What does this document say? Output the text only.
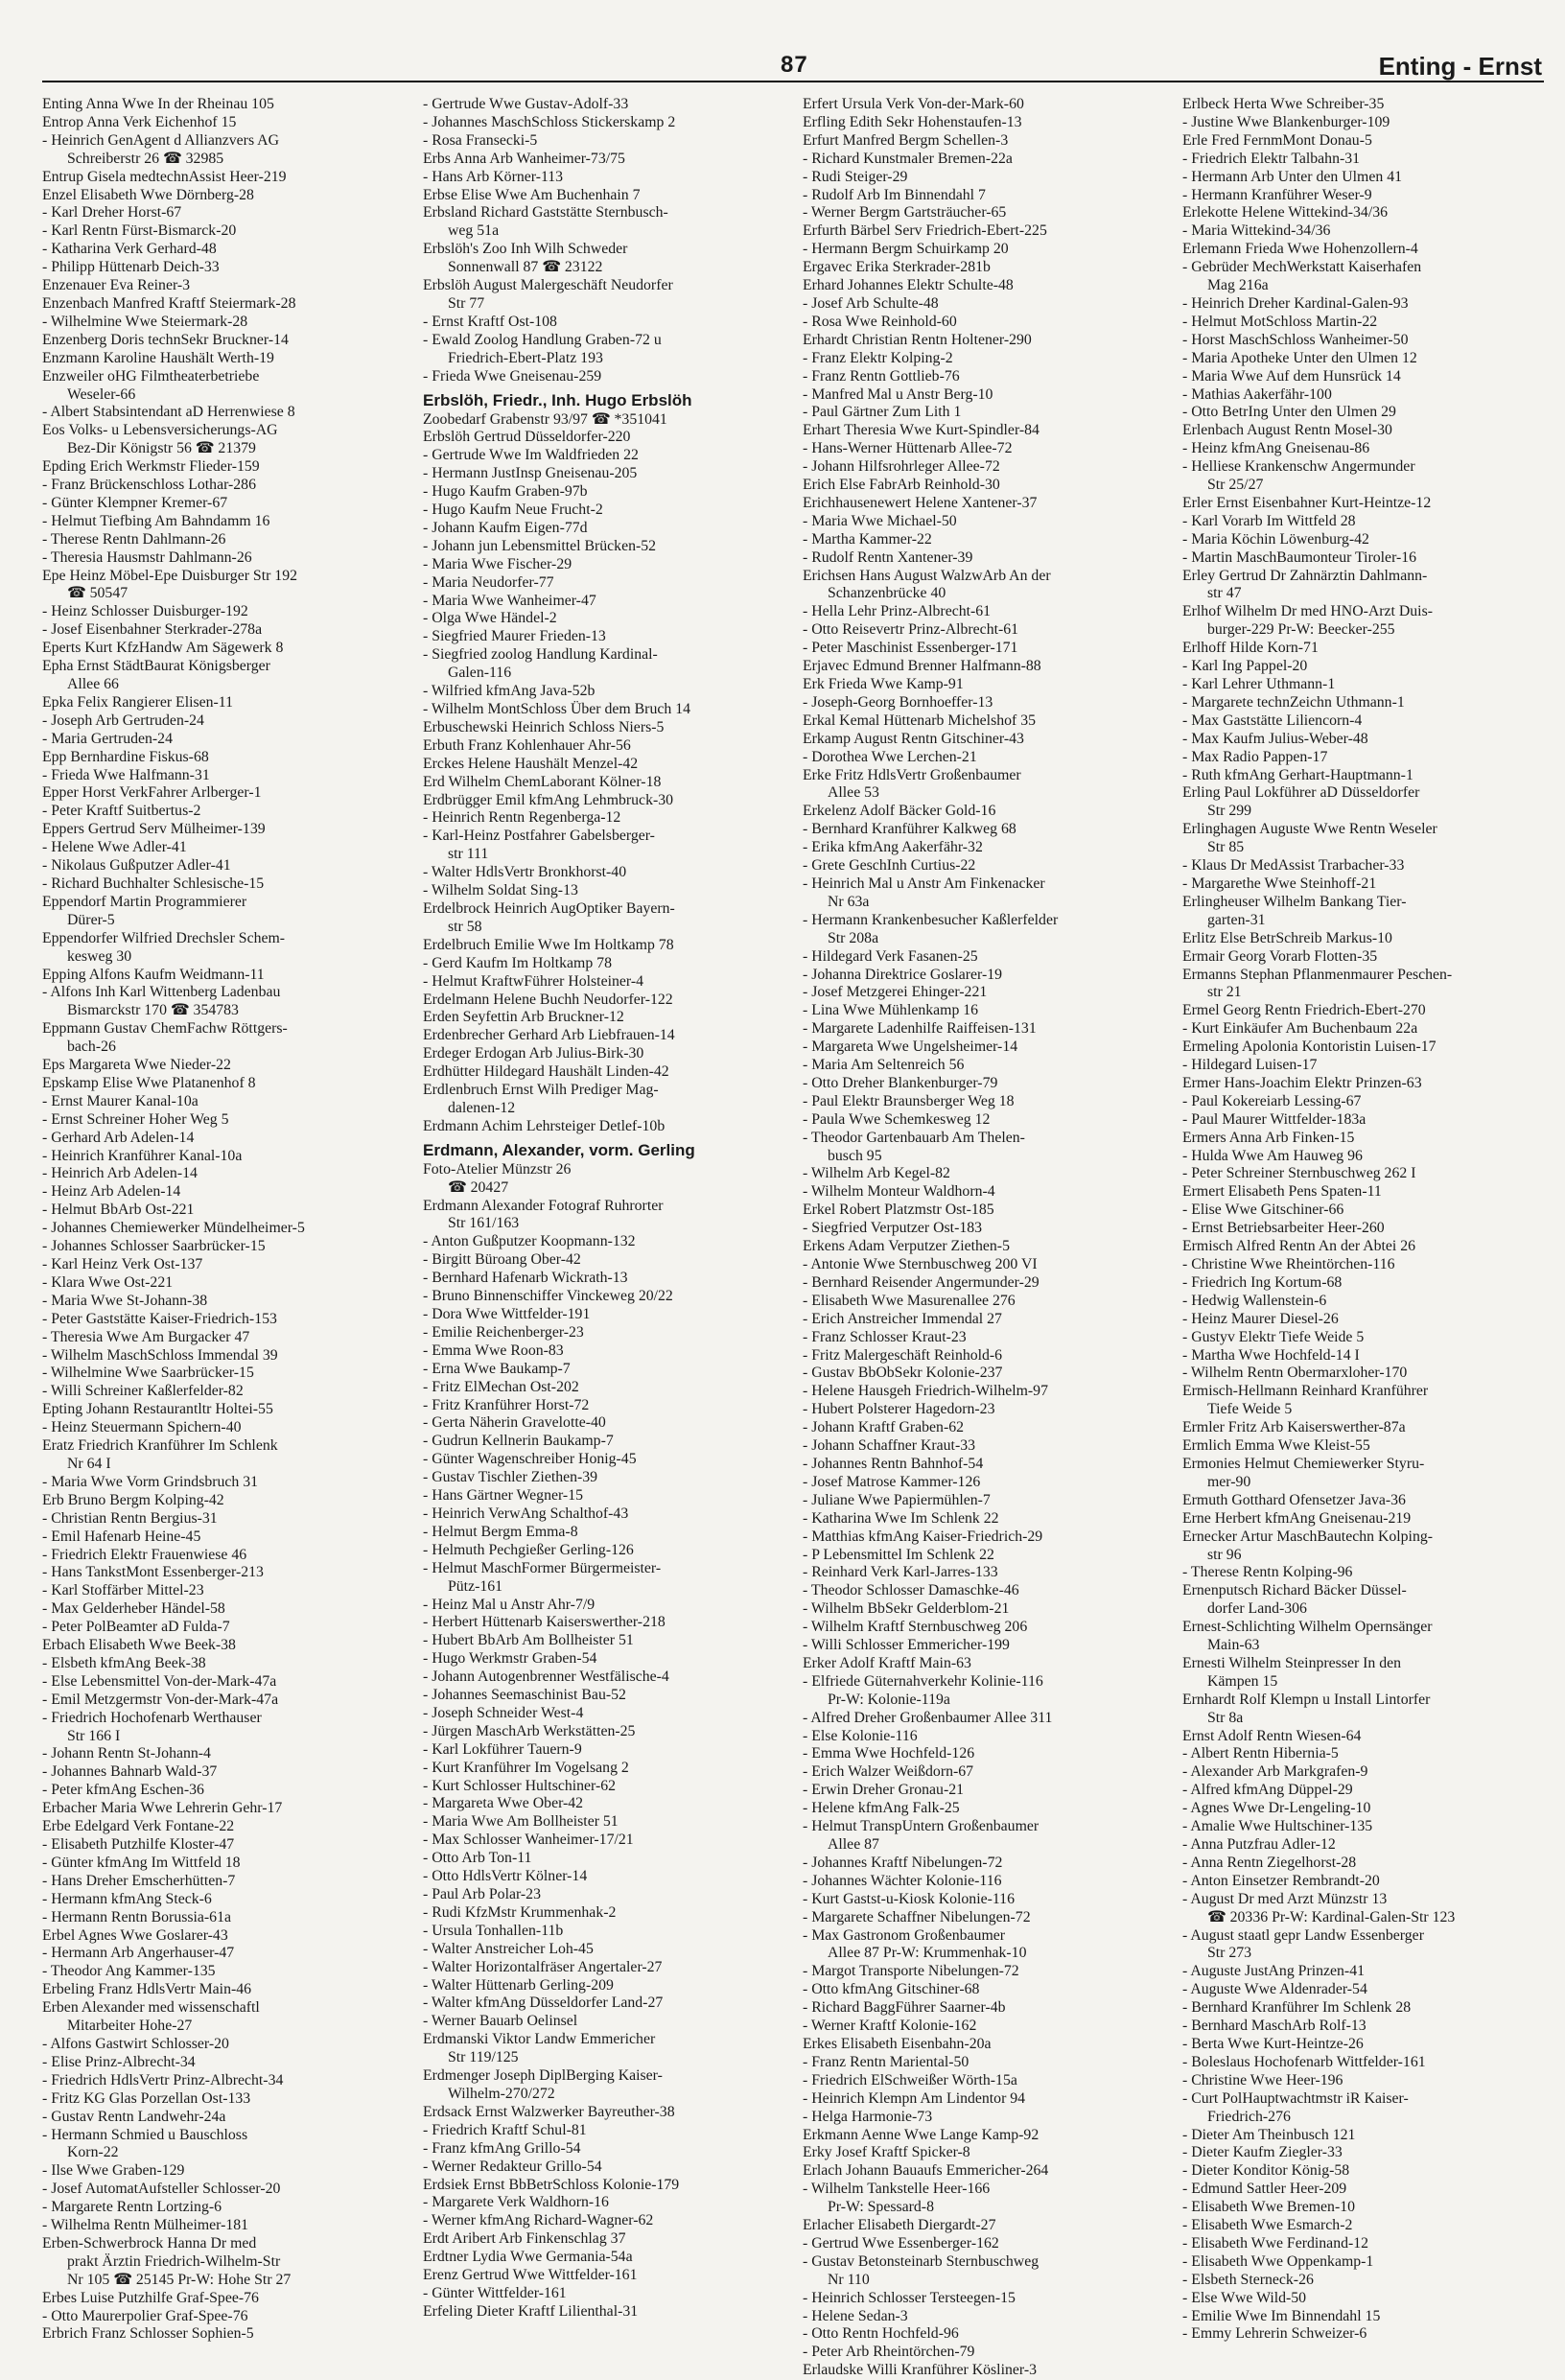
87	Enting - Ernst
Enting Anna Wwe In der Rheinau 105
Entrop Anna Verk Eichenhof 15
- Heinrich GenAgent d Allianzvers AG
Schreiberstr 26 ☎ 32985
Entrup Gisela medtechnAssist Heer-219
Enzel Elisabeth Wwe Dörnberg-28
- Karl Dreher Horst-67
- Karl Rentn Fürst-Bismarck-20
- Katharina Verk Gerhard-48
- Philipp Hüttenarb Deich-33
Enzenauer Eva Reiner-3
Enzenbach Manfred Kraftf Steiermark-28
- Wilhelmine Wwe Steiermark-28
Enzenberg Doris technSekr Bruckner-14
Enzmann Karoline Haushält Werth-19
Enzweiler oHG Filmtheaterbetriebe
Weseler-66
- Albert Stabsintendant aD Herrenwiese 8
Eos Volks- u Lebensversicherungs-AG
Bez-Dir Königstr 56 ☎ 21379
Epding Erich Werkmstr Flieder-159
- Franz Brückenschloss Lothar-286
- Günter Klempner Kremer-67
- Helmut Tiefbing Am Bahndamm 16
- Therese Rentn Dahlmann-26
- Theresia Hausmstr Dahlmann-26
Epe Heinz Möbel-Epe Duisburger Str 192
☎ 50547
- Heinz Schlosser Duisburger-192
- Josef Eisenbahner Sterkrader-278a
Eperts Kurt KfzHandw Am Sägewerk 8
Epha Ernst StädtBaurat Königsberger
Allee 66
Epka Felix Rangierer Elisen-11
- Joseph Arb Gertruden-24
- Maria Gertruden-24
Epp Bernhardine Fiskus-68
- Frieda Wwe Halfmann-31
Epper Horst VerkFahrer Arlberger-1
- Peter Kraftf Suitbertus-2
Eppers Gertrud Serv Mülheimer-139
- Helene Wwe Adler-41
- Nikolaus Gußputzer Adler-41
- Richard Buchhalter Schlesische-15
Eppendorf Martin Programmierer
Dürer-5
Eppendorfer Wilfried Drechsler Schem-
kesweg 30
Epping Alfons Kaufm Weidmann-11
- Alfons Inh Karl Wittenberg Ladenbau
Bismarckstr 170 ☎ 354783
Eppmann Gustav ChemFachw Röttgers-
bach-26
Eps Margareta Wwe Nieder-22
Epskamp Elise Wwe Platanenhof 8
- Ernst Maurer Kanal-10a
- Ernst Schreiner Hoher Weg 5
- Gerhard Arb Adelen-14
- Heinrich Kranführer Kanal-10a
- Heinrich Arb Adelen-14
- Heinz Arb Adelen-14
- Helmut BbArb Ost-221
- Johannes Chemiewerker Mündelheimer-5
- Johannes Schlosser Saarbrücker-15
- Karl Heinz Verk Ost-137
- Klara Wwe Ost-221
- Maria Wwe St-Johann-38
- Peter Gaststätte Kaiser-Friedrich-153
- Theresia Wwe Am Burgacker 47
- Wilhelm MaschSchloss Immendal 39
- Wilhelmine Wwe Saarbrücker-15
- Willi Schreiner Kaßlerfelder-82
Epting Johann Restaurantltr Holtei-55
- Heinz Steuermann Spichern-40
Eratz Friedrich Kranführer Im Schlenk
Nr 64 I
- Maria Wwe Vorm Grindsbruch 31
Erb Bruno Bergm Kolping-42
- Christian Rentn Bergius-31
- Emil Hafenarb Heine-45
- Friedrich Elektr Frauenwiese 46
- Hans TankstMont Essenberger-213
- Karl Stoffärber Mittel-23
- Max Gelderheber Händel-58
- Peter PolBeamter aD Fulda-7
Erbach Elisabeth Wwe Beek-38
- Elsbeth kfmAng Beek-38
- Else Lebensmittel Von-der-Mark-47a
- Emil Metzgermstr Von-der-Mark-47a
- Friedrich Hochofenarb Werthauser
Str 166 I
- Johann Rentn St-Johann-4
- Johannes Bahnarb Wald-37
- Peter kfmAng Eschen-36
Erbacher Maria Wwe Lehrerin Gehr-17
Erbe Edelgard Verk Fontane-22
- Elisabeth Putzhilfe Kloster-47
- Günter kfmAng Im Wittfeld 18
- Hans Dreher Emscherhütten-7
- Hermann kfmAng Steck-6
- Hermann Rentn Borussia-61a
Erbel Agnes Wwe Goslarer-43
- Hermann Arb Angerhauser-47
- Theodor Ang Kammer-135
Erbeling Franz HdlsVertr Main-46
Erben Alexander med wissenschaftl
Mitarbeiter Hohe-27
- Alfons Gastwirt Schlosser-20
- Elise Prinz-Albrecht-34
- Friedrich HdlsVertr Prinz-Albrecht-34
- Fritz KG Glas Porzellan Ost-133
- Gustav Rentn Landwehr-24a
- Hermann Schmied u Bauschloss
Korn-22
- Ilse Wwe Graben-129
- Josef AutomatAufsteller Schlosser-20
- Margarete Rentn Lortzing-6
- Wilhelma Rentn Mülheimer-181
Erben-Schwerbrock Hanna Dr med
prakt Ärztin Friedrich-Wilhelm-Str
Nr 105 ☎ 25145 Pr-W: Hohe Str 27
Erbes Luise Putzhilfe Graf-Spee-76
- Otto Maurerpolier Graf-Spee-76
Erbrich Franz Schlosser Sophien-5
- Gertrude Wwe Gustav-Adolf-33
- Johannes MaschSchloss Stickerskamp 2
- Rosa Fransecki-5
Erbs Anna Arb Wanheimer-73/75
- Hans Arb Körner-113
Erbse Elise Wwe Am Buchenhain 7
Erbsland Richard Gaststätte Sternbusch-
weg 51a
Erbslöh's Zoo Inh Wilh Schweder
Sonnenwall 87 ☎ 23122
Erbslöh August Malergeschäft Neudorfer
Str 77
- Ernst Kraftf Ost-108
- Ewald Zoolog Handlung Graben-72 u
Friedrich-Ebert-Platz 193
- Frieda Wwe Gneisenau-259
Erbslöh, Friedr., Inh. Hugo Erbslöh
Zoobedarf Grabenstr 93/97 ☎ *351041
Erbslöh Gertrud Düsseldorfer-220
- Gertrude Wwe Im Waldfrieden 22
- Hermann JustInsp Gneisenau-205
- Hugo Kaufm Graben-97b
- Hugo Kaufm Neue Frucht-2
- Johann Kaufm Eigen-77d
- Johann jun Lebensmittel Brücken-52
- Maria Wwe Fischer-29
- Maria Neudorfer-77
- Maria Wwe Wanheimer-47
- Olga Wwe Händel-2
- Siegfried Maurer Frieden-13
- Siegfried zoolog Handlung Kardinal-
Galen-116
- Wilfried kfmAng Java-52b
- Wilhelm MontSchloss Über dem Bruch 14
Erbuschewski Heinrich Schloss Niers-5
Erbuth Franz Kohlenhauer Ahr-56
Erckes Helene Haushält Menzel-42
Erd Wilhelm ChemLaborant Kölner-18
Erdbrügger Emil kfmAng Lehmbruck-30
- Heinrich Rentn Regenberga-12
- Karl-Heinz Postfahrer Gabelsberger-
str 111
- Walter HdlsVertr Bronkhorst-40
- Wilhelm Soldat Sing-13
Erdelbrock Heinrich AugOptiker Bayern-
str 58
Erdelbruch Emilie Wwe Im Holtkamp 78
- Gerd Kaufm Im Holtkamp 78
- Helmut KraftwFührer Holsteiner-4
Erdelmann Helene Buchh Neudorfer-122
Erden Seyfettin Arb Bruckner-12
Erdenbrecher Gerhard Arb Liebfrauen-14
Erdeger Erdogan Arb Julius-Birk-30
Erdhütter Hildegard Haushält Linden-42
Erdlenbruch Ernst Wilh Prediger Mag-
dalenen-12
Erdmann Achim Lehrsteiger Detlef-10b
Erdmann, Alexander, vorm. Gerling
Foto-Atelier Münzstr 26
☎ 20427
Erdmann Alexander Fotograf Ruhrorter
Str 161/163
- Anton Gußputzer Koopmann-132
- Birgitt Büroang Ober-42
- Bernhard Hafenarb Wickrath-13
- Bruno Binnenschiffer Vinckeweg 20/22
- Dora Wwe Wittfelder-191
- Emilie Reichenberger-23
- Emma Wwe Roon-83
- Erna Wwe Baukamp-7
- Fritz ElMechan Ost-202
- Fritz Kranführer Horst-72
- Gerta Näherin Gravelotte-40
- Gudrun Kellnerin Baukamp-7
- Günter Wagenschreiber Honig-45
- Gustav Tischler Ziethen-39
- Hans Gärtner Wegner-15
- Heinrich VerwAng Schalthof-43
- Helmut Bergm Emma-8
- Helmuth Pechgießer Gerling-126
- Helmut MaschFormer Bürgermeister-
Pütz-161
- Heinz Mal u Anstr Ahr-7/9
- Herbert Hüttenarb Kaiserswerther-218
- Hubert BbArb Am Bollheister 51
- Hugo Werkmstr Graben-54
- Johann Autogenbrenner Westfälische-4
- Johannes Seemaschinist Bau-52
- Joseph Schneider West-4
- Jürgen MaschArb Werkstätten-25
- Karl Lokführer Tauern-9
- Kurt Kranführer Im Vogelsang 2
- Kurt Schlosser Hultschiner-62
- Margareta Wwe Ober-42
- Maria Wwe Am Bollheister 51
- Max Schlosser Wanheimer-17/21
- Otto Arb Ton-11
- Otto HdlsVertr Kölner-14
- Paul Arb Polar-23
- Rudi KfzMstr Krummenhak-2
- Ursula Tonhallen-11b
- Walter Anstreicher Loh-45
- Walter Horizontalfräser Angertaler-27
- Walter Hüttenarb Gerling-209
- Walter kfmAng Düsseldorfer Land-27
- Werner Bauarb Oelinsel
Erdmanski Viktor Landw Emmericher
Str 119/125
Erdmenger Joseph DiplBerging Kaiser-
Wilhelm-270/272
Erdsack Ernst Walzwerker Bayreuther-38
- Friedrich Kraftf Schul-81
- Franz kfmAng Grillo-54
- Werner Redakteur Grillo-54
Erdsiek Ernst BbBetrSchloss Kolonie-179
- Margarete Verk Waldhorn-16
- Werner kfmAng Richard-Wagner-62
Erdt Aribert Arb Finkenschlag 37
Erdtner Lydia Wwe Germania-54a
Erenz Gertrud Wwe Wittfelder-161
- Günter Wittfelder-161
Erfeling Dieter Kraftf Lilienthal-31
Erfert Ursula Verk Von-der-Mark-60
Erfling Edith Sekr Hohenstaufen-13
Erfurt Manfred Bergm Schellen-3
- Richard Kunstmaler Bremen-22a
- Rudi Steiger-29
- Rudolf Arb Im Binnendahl 7
- Werner Bergm Gartsträucher-65
Erfurth Bärbel Serv Friedrich-Ebert-225
- Hermann Bergm Schuirkamp 20
Ergavec Erika Sterkrader-281b
Erhard Johannes Elektr Schulte-48
- Josef Arb Schulte-48
- Rosa Wwe Reinhold-60
Erhardt Christian Rentn Holtener-290
- Franz Elektr Kolping-2
- Franz Rentn Gottlieb-76
- Manfred Mal u Anstr Berg-10
- Paul Gärtner Zum Lith 1
Erhart Theresia Wwe Kurt-Spindler-84
- Hans-Werner Hüttenarb Allee-72
- Johann Hilfsrohrleger Allee-72
Erich Else FabrArb Reinhold-30
Erichhausenewert Helene Xantener-37
- Maria Wwe Michael-50
- Martha Kammer-22
- Rudolf Rentn Xantener-39
Erichsen Hans August WalzwArb An der
Schanzenbrücke 40
- Hella Lehr Prinz-Albrecht-61
- Otto Reisevertr Prinz-Albrecht-61
- Peter Maschinist Essenberger-171
Erjavec Edmund Brenner Halfmann-88
Erk Frieda Wwe Kamp-91
- Joseph-Georg Bornhoeffer-13
Erkal Kemal Hüttenarb Michelshof 35
Erkamp August Rentn Gitschiner-43
- Dorothea Wwe Lerchen-21
Erke Fritz HdlsVertr Großenbaumer
Allee 53
Erkelenz Adolf Bäcker Gold-16
- Bernhard Kranführer Kalkweg 68
- Erika kfmAng Aakerfähr-32
- Grete GeschInh Curtius-22
- Heinrich Mal u Anstr Am Finkenacker
Nr 63a
- Hermann Krankenbesucher Kaßlerfelder
Str 208a
- Hildegard Verk Fasanen-25
- Johanna Direktrice Goslarer-19
- Josef Metzgerei Ehinger-221
- Lina Wwe Mühlenkamp 16
- Margarete Ladenhilfe Raiffeisen-131
- Margareta Wwe Ungelsheimer-14
- Maria Am Seltenreich 56
- Otto Dreher Blankenburger-79
- Paul Elektr Braunsberger Weg 18
- Paula Wwe Schemkesweg 12
- Theodor Gartenbauarb Am Thelen-
busch 95
- Wilhelm Arb Kegel-82
- Wilhelm Monteur Waldhorn-4
Erkel Robert Platzmstr Ost-185
- Siegfried Verputzer Ost-183
Erkens Adam Verputzer Ziethen-5
- Antonie Wwe Sternbuschweg 200 VI
- Bernhard Reisender Angermunder-29
- Elisabeth Wwe Masurenallee 276
- Erich Anstreicher Immendal 27
- Franz Schlosser Kraut-23
- Fritz Malergeschäft Reinhold-6
- Gustav BbObSekr Kolonie-237
- Helene Hausgeh Friedrich-Wilhelm-97
- Hubert Polsterer Hagedorn-23
- Johann Kraftf Graben-62
- Johann Schaffner Kraut-33
- Johannes Rentn Bahnhof-54
- Josef Matrose Kammer-126
- Juliane Wwe Papiermühlen-7
- Katharina Wwe Im Schlenk 22
- Matthias kfmAng Kaiser-Friedrich-29
- P Lebensmittel Im Schlenk 22
- Reinhard Verk Karl-Jarres-133
- Theodor Schlosser Damaschke-46
- Wilhelm BbSekr Gelderblom-21
- Wilhelm Kraftf Sternbuschweg 206
- Willi Schlosser Emmericher-199
Erker Adolf Kraftf Main-63
- Elfriede Güternahverkehr Kolinie-116
Pr-W: Kolonie-119a
- Alfred Dreher Großenbaumer Allee 311
- Else Kolonie-116
- Emma Wwe Hochfeld-126
- Erich Walzer Weißdorn-67
- Erwin Dreher Gronau-21
- Helene kfmAng Falk-25
- Helmut TranspUntern Großenbaumer
Allee 87
- Johannes Kraftf Nibelungen-72
- Johannes Wächter Kolonie-116
- Kurt Gastst-u-Kiosk Kolonie-116
- Margarete Schaffner Nibelungen-72
- Max Gastronom Großenbaumer
Allee 87 Pr-W: Krummenhak-10
- Margot Transporte Nibelungen-72
- Otto kfmAng Gitschiner-68
- Richard BaggFührer Saarner-4b
- Werner Kraftf Kolonie-162
Erkes Elisabeth Eisenbahn-20a
- Franz Rentn Mariental-50
- Friedrich ElSchweißer Wörth-15a
- Heinrich Klempn Am Lindentor 94
- Helga Harmonie-73
Erkmann Aenne Wwe Lange Kamp-92
Erky Josef Kraftf Spicker-8
Erlach Johann Bauaufs Emmericher-264
- Wilhelm Tankstelle Heer-166
Pr-W: Spessard-8
Erlacher Elisabeth Diergardt-27
- Gertrud Wwe Essenberger-162
- Gustav Betonsteinarb Sternbuschweg
Nr 110
- Heinrich Schlosser Tersteegen-15
- Helene Sedan-3
- Otto Rentn Hochfeld-96
- Peter Arb Rheintörchen-79
Erlaudske Willi Kranführer Kösliner-3
Erlbeck Herta Wwe Schreiber-35
- Justine Wwe Blankenburger-109
Erle Fred FernmMont Donau-5
- Friedrich Elektr Talbahn-31
- Hermann Arb Unter den Ulmen 41
- Hermann Kranführer Weser-9
Erlekotte Helene Wittekind-34/36
- Maria Wittekind-34/36
Erlemann Frieda Wwe Hohenzollern-4
- Gebrüder MechWerkstatt Kaiserhafen
Mag 216a
- Heinrich Dreher Kardinal-Galen-93
- Helmut MotSchloss Martin-22
- Horst MaschSchloss Wanheimer-50
- Maria Apotheke Unter den Ulmen 12
- Maria Wwe Auf dem Hunsrück 14
- Mathias Aakerfähr-100
- Otto BetrIng Unter den Ulmen 29
Erlenbach August Rentn Mosel-30
- Heinz kfmAng Gneisenau-86
- Helliese Krankenschw Angermunder
Str 25/27
Erler Ernst Eisenbahner Kurt-Heintze-12
- Karl Vorarb Im Wittfeld 28
- Maria Köchin Löwenburg-42
- Martin MaschBaumonteur Tiroler-16
Erley Gertrud Dr Zahnärztin Dahlmann-
str 47
Erlhof Wilhelm Dr med HNO-Arzt Duis-
burger-229 Pr-W: Beecker-255
Erlhoff Hilde Korn-71
- Karl Ing Pappel-20
- Karl Lehrer Uthmann-1
- Margarete technZeichn Uthmann-1
- Max Gaststätte Liliencorn-4
- Max Kaufm Julius-Weber-48
- Max Radio Pappen-17
- Ruth kfmAng Gerhart-Hauptmann-1
Erling Paul Lokführer aD Düsseldorfer
Str 299
Erlinghagen Auguste Wwe Rentn Weseler
Str 85
- Klaus Dr MedAssist Trarbacher-33
- Margarethe Wwe Steinhoff-21
Erlingheuser Wilhelm Bankang Tier-
garten-31
Erlitz Else BetrSchreib Markus-10
Ermair Georg Vorarb Flotten-35
Ermanns Stephan Pflanmenmaurer Peschen-
str 21
Ermel Georg Rentn Friedrich-Ebert-270
- Kurt Einkäufer Am Buchenbaum 22a
Ermeling Apolonia Kontoristin Luisen-17
- Hildegard Luisen-17
Ermer Hans-Joachim Elektr Prinzen-63
- Paul Kokereiarb Lessing-67
- Paul Maurer Wittfelder-183a
Ermers Anna Arb Finken-15
- Hulda Wwe Am Hauweg 96
- Peter Schreiner Sternbuschweg 262 I
Ermert Elisabeth Pens Spaten-11
- Elise Wwe Gitschiner-66
- Ernst Betriebsarbeiter Heer-260
Ermisch Alfred Rentn An der Abtei 26
- Christine Wwe Rheintörchen-116
- Friedrich Ing Kortum-68
- Hedwig Wallenstein-6
- Heinz Maurer Diesel-26
- Gustyv Elektr Tiefe Weide 5
- Martha Wwe Hochfeld-14 I
- Wilhelm Rentn Obermarxloher-170
Ermisch-Hellmann Reinhard Kranführer
Tiefe Weide 5
Ermler Fritz Arb Kaiserswerther-87a
Ermlich Emma Wwe Kleist-55
Ermonies Helmut Chemiewerker Styru-
mer-90
Ermuth Gotthard Ofensetzer Java-36
Erne Herbert kfmAng Gneisenau-219
Ernecker Artur MaschBautechn Kolping-
str 96
- Therese Rentn Kolping-96
Ernenputsch Richard Bäcker Düssel-
dorfer Land-306
Ernest-Schlichting Wilhelm Opernsänger
Main-63
Ernesti Wilhelm Steinpresser In den
Kämpen 15
Ernhardt Rolf Klempn u Install Lintorfer
Str 8a
Ernst Adolf Rentn Wiesen-64
- Albert Rentn Hibernia-5
- Alexander Arb Markgrafen-9
- Alfred kfmAng Düppel-29
- Agnes Wwe Dr-Lengeling-10
- Amalie Wwe Hultschiner-135
- Anna Putzfrau Adler-12
- Anna Rentn Ziegelhorst-28
- Anton Einsetzer Rembrandt-20
- August Dr med Arzt Münzstr 13
☎ 20336 Pr-W: Kardinal-Galen-Str 123
- August staatl gepr Landw Essenberger
Str 273
- Auguste JustAng Prinzen-41
- Auguste Wwe Aldenrader-54
- Bernhard Kranführer Im Schlenk 28
- Bernhard MaschArb Rolf-13
- Berta Wwe Kurt-Heintze-26
- Boleslaus Hochofenarb Wittfelder-161
- Christine Wwe Heer-196
- Curt PolHauptwachtmstr iR Kaiser-
Friedrich-276
- Dieter Am Theinbusch 121
- Dieter Kaufm Ziegler-33
- Dieter Konditor König-58
- Edmund Sattler Heer-209
- Elisabeth Wwe Bremen-10
- Elisabeth Wwe Esmarch-2
- Elisabeth Wwe Ferdinand-12
- Elisabeth Wwe Oppenkamp-1
- Elsbeth Sterneck-26
- Else Wwe Wild-50
- Emilie Wwe Im Binnendahl 15
- Emmy Lehrerin Schweizer-6
